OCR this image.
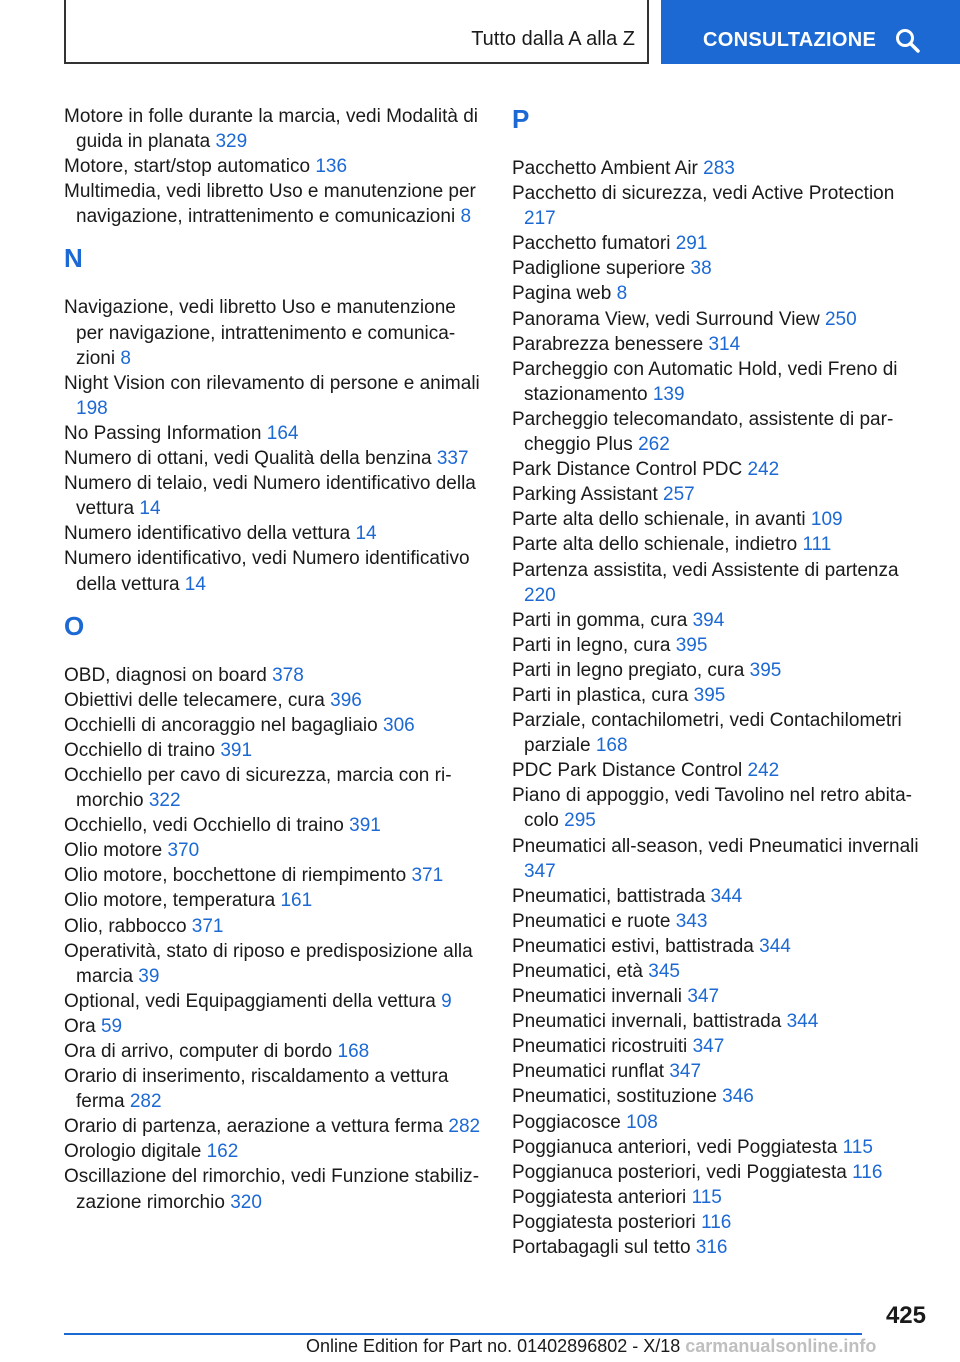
Tutto dalla A alla Z	CONSULTAZIONE
Motore in folle durante la marcia, vedi Modalità di guida in planata 329
Motore, start/stop automatico 136
Multimedia, vedi libretto Uso e manutenzione per navigazione, intrattenimento e comunicazioni 8
N
Navigazione, vedi libretto Uso e manutenzione per navigazione, intrattenimento e comunicazioni 8
Night Vision con rilevamento di persone e animali 198
No Passing Information 164
Numero di ottani, vedi Qualità della benzina 337
Numero di telaio, vedi Numero identificativo della vettura 14
Numero identificativo della vettura 14
Numero identificativo, vedi Numero identificativo della vettura 14
O
OBD, diagnosi on board 378
Obiettivi delle telecamere, cura 396
Occhielli di ancoraggio nel bagagliaio 306
Occhiello di traino 391
Occhiello per cavo di sicurezza, marcia con rimorchio 322
Occhiello, vedi Occhiello di traino 391
Olio motore 370
Olio motore, bocchettone di riempimento 371
Olio motore, temperatura 161
Olio, rabbocco 371
Operatività, stato di riposo e predisposizione alla marcia 39
Optional, vedi Equipaggiamenti della vettura 9
Ora 59
Ora di arrivo, computer di bordo 168
Orario di inserimento, riscaldamento a vettura ferma 282
Orario di partenza, aerazione a vettura ferma 282
Orologio digitale 162
Oscillazione del rimorchio, vedi Funzione stabilizzazione rimorchio 320
P
Pacchetto Ambient Air 283
Pacchetto di sicurezza, vedi Active Protection 217
Pacchetto fumatori 291
Padiglione superiore 38
Pagina web 8
Panorama View, vedi Surround View 250
Parabrezza benessere 314
Parcheggio con Automatic Hold, vedi Freno di stazionamento 139
Parcheggio telecomandato, assistente di parcheggio Plus 262
Park Distance Control PDC 242
Parking Assistant 257
Parte alta dello schienale, in avanti 109
Parte alta dello schienale, indietro 111
Partenza assistita, vedi Assistente di partenza 220
Parti in gomma, cura 394
Parti in legno, cura 395
Parti in legno pregiato, cura 395
Parti in plastica, cura 395
Parziale, contachilometri, vedi Contachilometri parziale 168
PDC Park Distance Control 242
Piano di appoggio, vedi Tavolino nel retro abitacolo 295
Pneumatici all-season, vedi Pneumatici invernali 347
Pneumatici, battistrada 344
Pneumatici e ruote 343
Pneumatici estivi, battistrada 344
Pneumatici, età 345
Pneumatici invernali 347
Pneumatici invernali, battistrada 344
Pneumatici ricostruiti 347
Pneumatici runflat 347
Pneumatici, sostituzione 346
Poggiacosce 108
Poggianuca anteriori, vedi Poggiatesta 115
Poggianuca posteriori, vedi Poggiatesta 116
Poggiatesta anteriori 115
Poggiatesta posteriori 116
Portabagagli sul tetto 316
425
Online Edition for Part no. 01402896802 - X/18 carmanualsonline.info
